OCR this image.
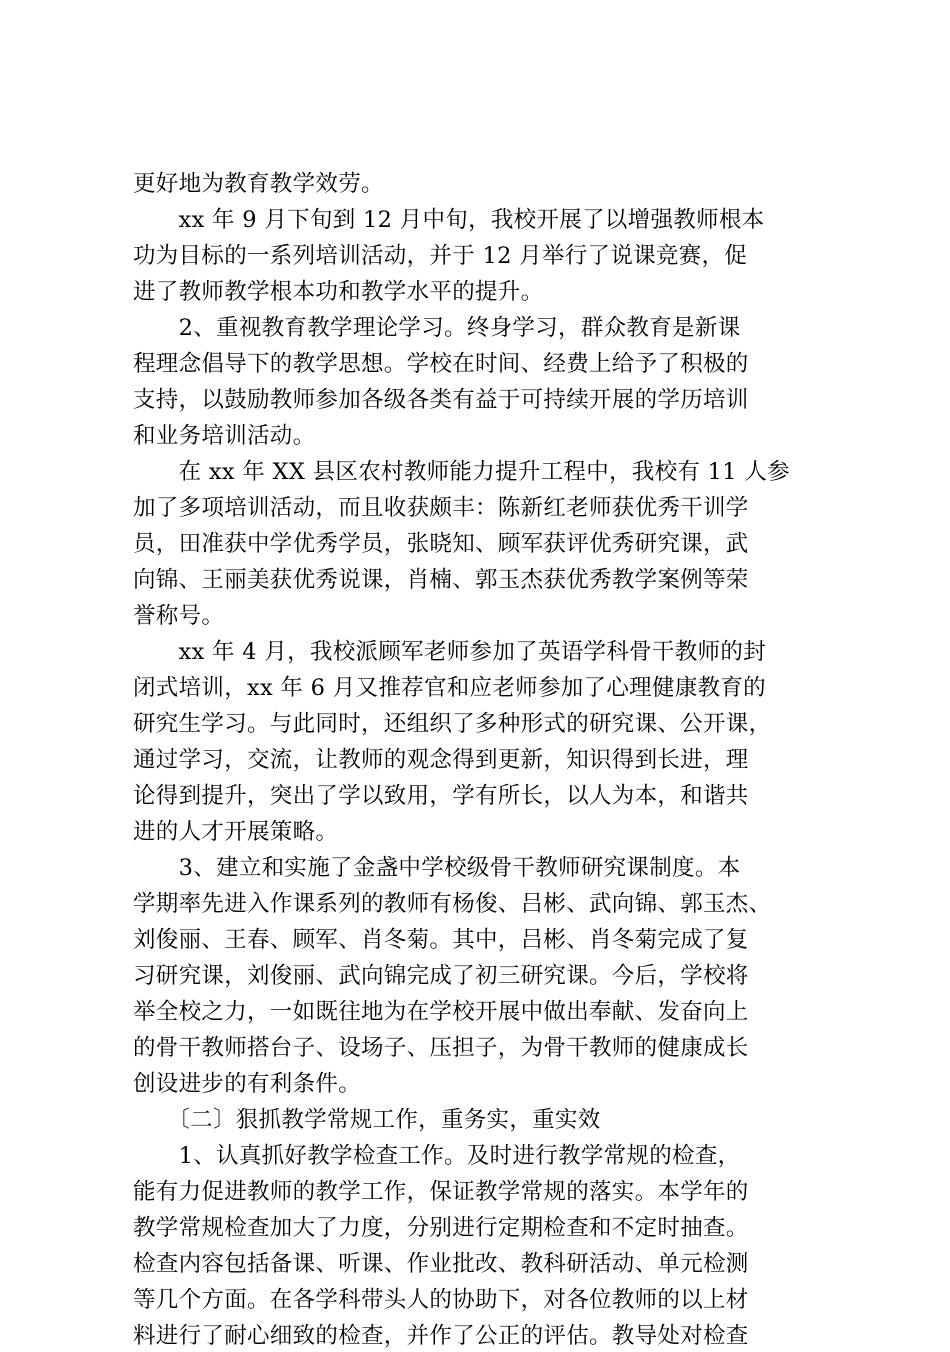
更好地为教育教学效劳。
　　xx 年 9 月下旬到 12 月中旬，我校开展了以增强教师根本
功为目标的一系列培训活动，并于 12 月举行了说课竞赛，促
进了教师教学根本功和教学水平的提升。
　　2、重视教育教学理论学习。终身学习，群众教育是新课
程理念倡导下的教学思想。学校在时间、经费上给予了积极的
支持，以鼓励教师参加各级各类有益于可持续开展的学历培训
和业务培训活动。
　　在 xx 年 XX 县区农村教师能力提升工程中，我校有 11 人参
加了多项培训活动，而且收获颇丰：陈新红老师获优秀干训学
员，田准获中学优秀学员，张晓知、顾军获评优秀研究课，武
向锦、王丽美获优秀说课，肖楠、郭玉杰获优秀教学案例等荣
誉称号。
　　xx 年 4 月，我校派顾军老师参加了英语学科骨干教师的封
闭式培训，xx 年 6 月又推荐官和应老师参加了心理健康教育的
研究生学习。与此同时，还组织了多种形式的研究课、公开课，
通过学习，交流，让教师的观念得到更新，知识得到长进，理
论得到提升，突出了学以致用，学有所长，以人为本，和谐共
进的人才开展策略。
　　3、建立和实施了金盏中学校级骨干教师研究课制度。本
学期率先进入作课系列的教师有杨俊、吕彬、武向锦、郭玉杰、
刘俊丽、王春、顾军、肖冬菊。其中，吕彬、肖冬菊完成了复
习研究课，刘俊丽、武向锦完成了初三研究课。今后，学校将
举全校之力，一如既往地为在学校开展中做出奉献、发奋向上
的骨干教师搭台子、设场子、压担子，为骨干教师的健康成长
创设进步的有利条件。
　　〔二〕狠抓教学常规工作，重务实，重实效
　　1、认真抓好教学检查工作。及时进行教学常规的检查，
能有力促进教师的教学工作，保证教学常规的落实。本学年的
教学常规检查加大了力度，分别进行定期检查和不定时抽查。
检查内容包括备课、听课、作业批改、教科研活动、单元检测
等几个方面。在各学科带头人的协助下，对各位教师的以上材
料进行了耐心细致的检查，并作了公正的评估。教导处对检查
